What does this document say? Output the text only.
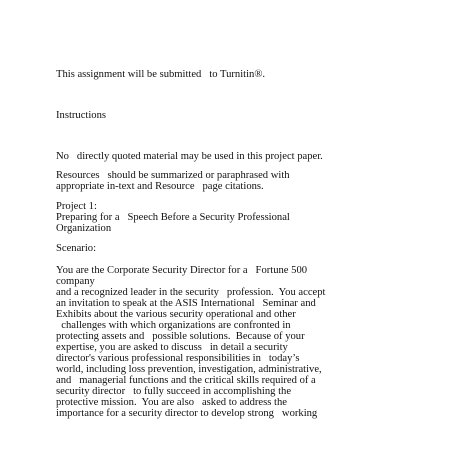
This assignment will be submitted   to Turnitin®.
Instructions
No   directly quoted material may be used in this project paper.
Resources   should be summarized or paraphrased with
appropriate in-text and Resource   page citations.
Project 1:
Preparing for a   Speech Before a Security Professional
Organization
Scenario:
You are the Corporate Security Director for a   Fortune 500
company
and a recognized leader in the security   profession.  You accept
an invitation to speak at the ASIS International   Seminar and
Exhibits about the various security operational and other
challenges with which organizations are confronted in
protecting assets and   possible solutions.  Because of your
expertise, you are asked to discuss   in detail a security
director's various professional responsibilities in   today’s
world, including loss prevention, investigation, administrative,
and   managerial functions and the critical skills required of a
security director   to fully succeed in accomplishing the
protective mission.  You are also   asked to address the
importance for a security director to develop strong   working
